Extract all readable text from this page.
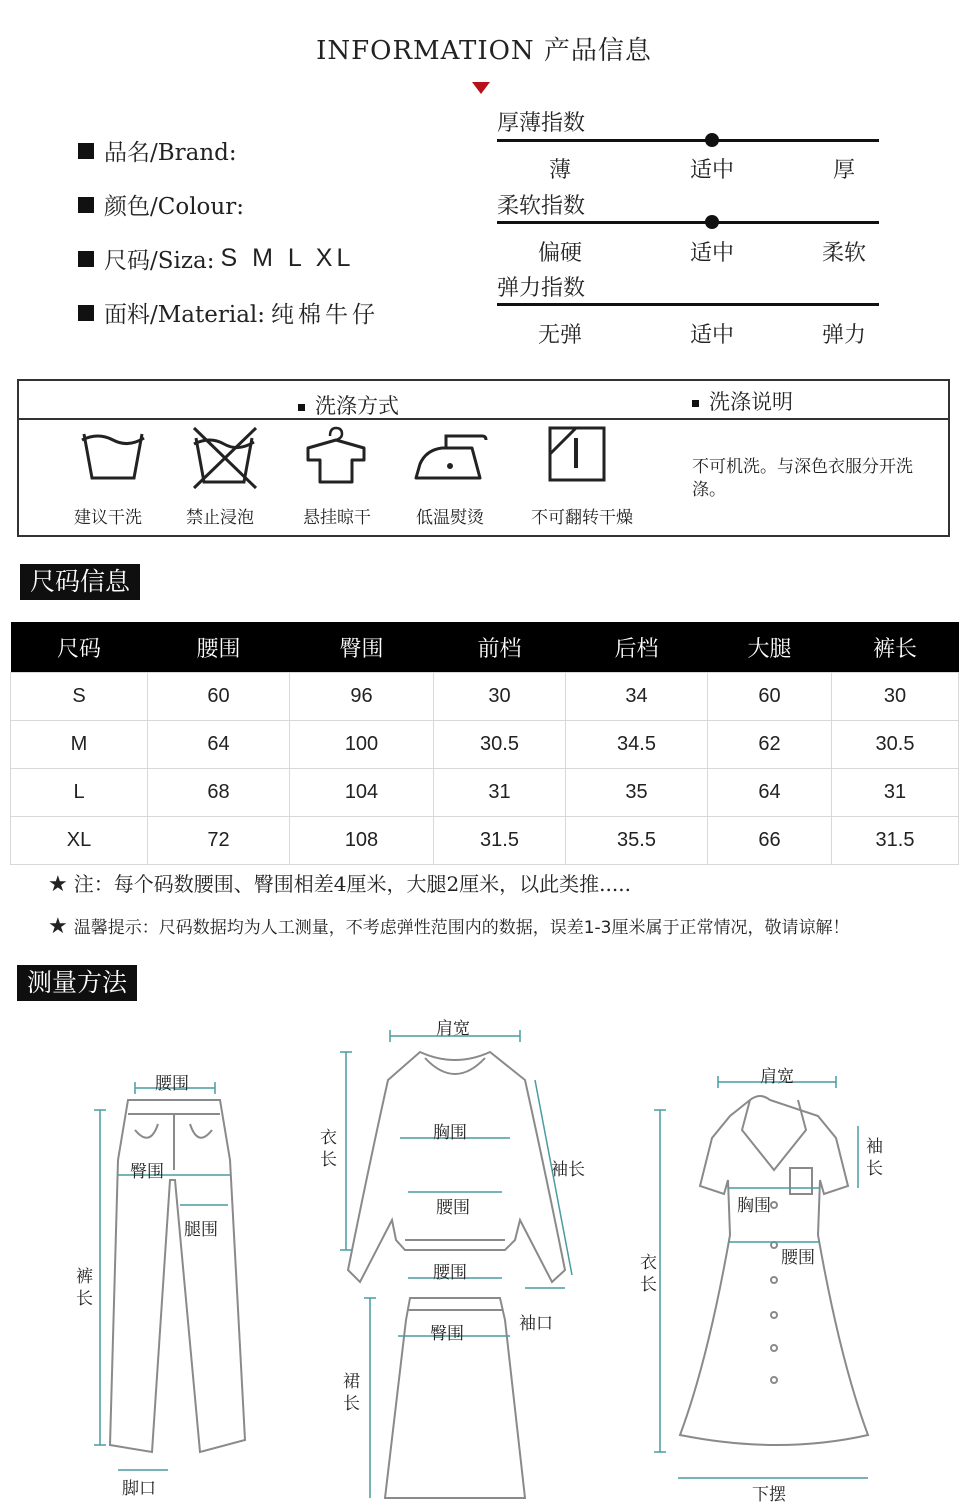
INFORMATION 产品信息
品名/Brand:
颜色/Colour:
尺码/Siza: S M L XL
面料/Material: 纯棉牛仔
厚薄指数
薄	适中	厚
柔软指数
偏硬	适中	柔软
弹力指数
无弹	适中	弹力
洗涤方式	洗涤说明
建议干洗	禁止浸泡	悬挂晾干	低温熨烫	不可翻转干燥
不可机洗。与深色衣服分开洗涤。
尺码信息
尺码	腰围	臀围	前档	后档	大腿	裤长
S	60	96	30	34	60	30
M	64	100	30.5	34.5	62	30.5
L	68	104	31	35	64	31
XL	72	108	31.5	35.5	66	31.5
★ 注：每个码数腰围、臀围相差4厘米，大腿2厘米，以此类推.....
★ 温馨提示：尺码数据均为人工测量，不考虑弹性范围内的数据，误差1-3厘米属于正常情况，敬请谅解！
测量方法
腰围
臀围
腿围
裤长
脚口
肩宽
胸围
腰围
衣长	袖长
袖口
腰围
臀围
裙长
肩宽
袖长
胸围
腰围
衣长
下摆
